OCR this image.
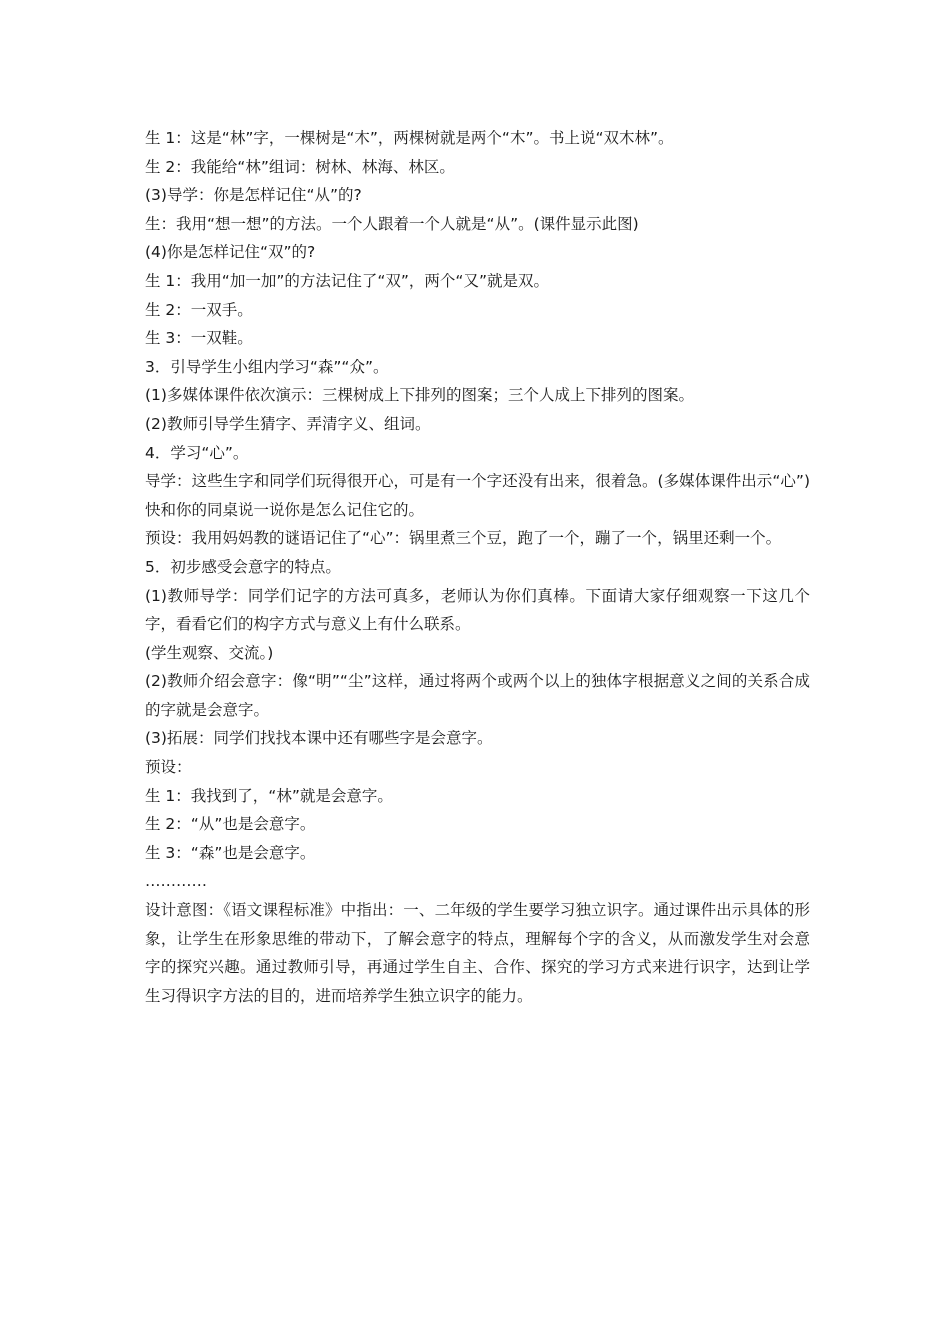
生 1：这是“林”字，一棵树是“木”，两棵树就是两个“木”。书上说“双木林”。
生 2：我能给“林”组词：树林、林海、林区。
(3)导学：你是怎样记住“从”的?
生：我用“想一想”的方法。一个人跟着一个人就是“从”。(课件显示此图)
(4)你是怎样记住“双”的?
生 1：我用“加一加”的方法记住了“双”，两个“又”就是双。
生 2：一双手。
生 3：一双鞋。
3．引导学生小组内学习“森”“众”。
(1)多媒体课件依次演示：三棵树成上下排列的图案；三个人成上下排列的图案。
(2)教师引导学生猜字、弄清字义、组词。
4．学习“心”。
导学：这些生字和同学们玩得很开心，可是有一个字还没有出来，很着急。(多媒体课件出示“心”)快和你的同桌说一说你是怎么记住它的。
预设：我用妈妈教的谜语记住了“心”：锅里煮三个豆，跑了一个，蹦了一个，锅里还剩一个。
5．初步感受会意字的特点。
(1)教师导学：同学们记字的方法可真多，老师认为你们真棒。下面请大家仔细观察一下这几个字，看看它们的构字方式与意义上有什么联系。
(学生观察、交流。)
(2)教师介绍会意字：像“明”“尘”这样，通过将两个或两个以上的独体字根据意义之间的关系合成的字就是会意字。
(3)拓展：同学们找找本课中还有哪些字是会意字。
预设：
生 1：我找到了，“林”就是会意字。
生 2：“从”也是会意字。
生 3：“森”也是会意字。
…………
设计意图：《语文课程标准》中指出：一、二年级的学生要学习独立识字。通过课件出示具体的形象，让学生在形象思维的带动下，了解会意字的特点，理解每个字的含义，从而激发学生对会意字的探究兴趣。通过教师引导，再通过学生自主、合作、探究的学习方式来进行识字，达到让学生习得识字方法的目的，进而培养学生独立识字的能力。
